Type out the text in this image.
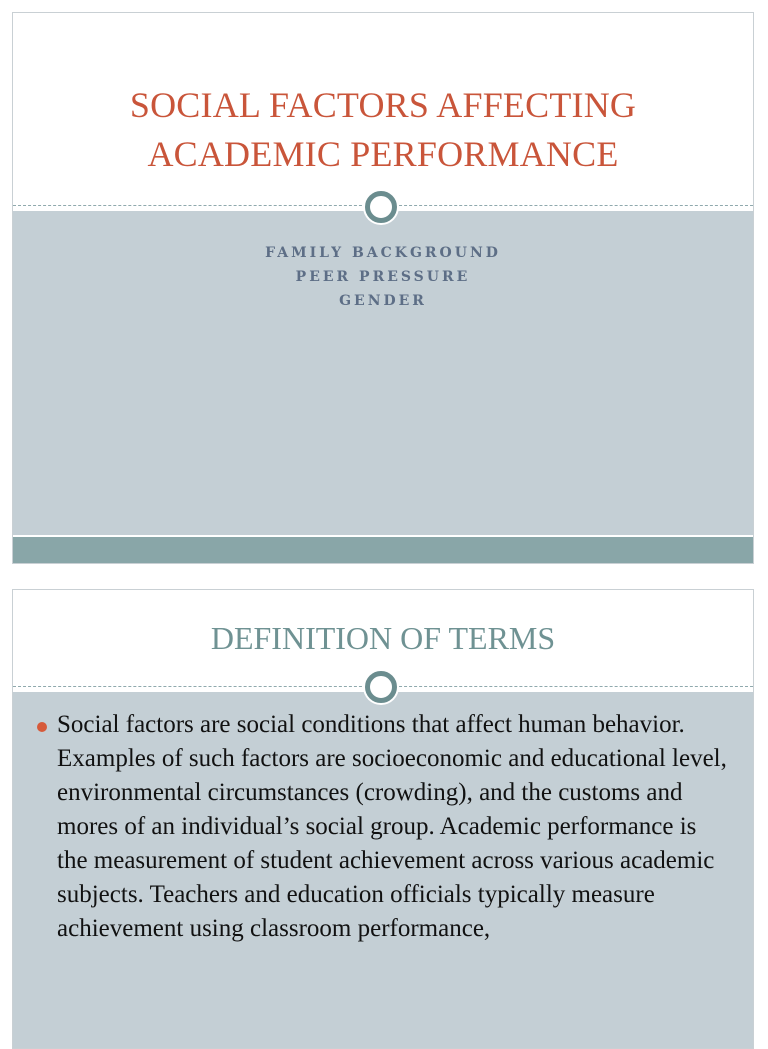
SOCIAL FACTORS AFFECTING
ACADEMIC PERFORMANCE
FAMILY BACKGROUND
PEER PRESSURE
GENDER
DEFINITION OF TERMS

Social factors are social conditions that affect human behavior. Examples of such factors are socioeconomic and educational level, environmental circumstances (crowding), and the customs and mores of an individual’s social group. Academic performance is the measurement of student achievement across various academic subjects. Teachers and education officials typically measure achievement using classroom performance,
